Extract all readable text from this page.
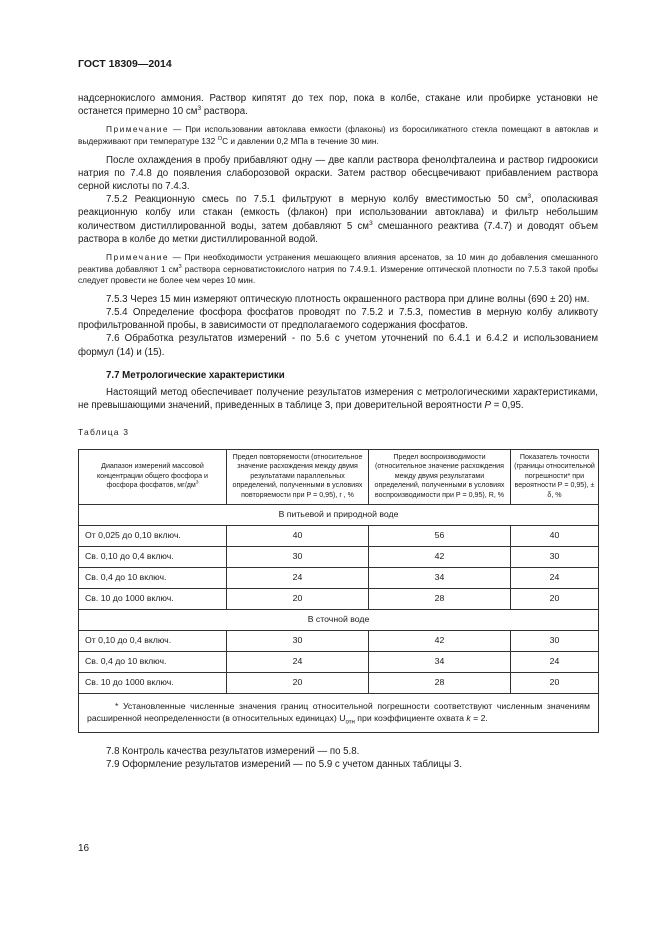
ГОСТ 18309—2014

надсернокислого аммония. Раствор кипятят до тех пор, пока в колбе, стакане или пробирке установки не останется примерно 10 $см^3$ раствора.

Примечание — При использовании автоклава емкости (флаконы) из боросиликатного стекла помещают в автоклав и выдерживают при температуре 132 $^О$С и давлении 0,2 МПа в течение 30 мин.

После охлаждения в пробу прибавляют одну — две капли раствора фенолфталеина и раствор гидроокиси натрия по 7.4.8 до появления слаборозовой окраски. Затем раствор обесцвечивают прибавлением раствора серной кислоты по 7.4.3.

7.5.2 Реакционную смесь по 7.5.1 фильтруют в мерную колбу вместимостью 50 $см^3$, ополаскивая реакционную колбу или стакан (емкость (флакон) при использовании автоклава) и фильтр небольшим количеством дистиллированной воды, затем добавляют 5 $см^3$ смешанного реактива (7.4.7) и доводят объем раствора в колбе до метки дистиллированной водой.

Примечание — При необходимости устранения мешающего влияния арсенатов, за 10 мин до добавления смешанного реактива добавляют 1 $см^3$ раствора серноватистокислого натрия по 7.4.9.1. Измерение оптической плотности по 7.5.3 такой пробы следует провести не более чем через 10 мин.

7.5.3 Через 15 мин измеряют оптическую плотность окрашенного раствора при длине волны (690 ± 20) нм.

7.5.4 Определение фосфора фосфатов проводят по 7.5.2 и 7.5.3, поместив в мерную колбу аликвоту профильтрованной пробы, в зависимости от предполагаемого содержания фосфатов.

7.6 Обработка результатов измерений - по 5.6 с учетом уточнений по 6.4.1 и 6.4.2 и использованием формул (14) и (15).

7.7 Метрологические характеристики

Настоящий метод обеспечивает получение результатов измерения с метрологическими характеристиками, не превышающими значений, приведенных в таблице 3, при доверительной вероятности P = 0,95.

Таблица 3
Диапазон измерений массовой концентрации общего фосфора и фосфора фосфатов, $мг/дм^3$	Предел повторяемости (относительное значение расхождения между двумя результатами параллельных определений, полученными в условиях повторяемости при P = 0,95), r , %	Предел воспроизводимости (относительное значение расхождения между двумя результатами определений, полученными в условиях воспроизводимости при P = 0,95), R, %	Показатель точности (границы относительной погрешности* при вероятности P = 0,95), ± δ, %
В питьевой и природной воде			
От 0,025 до 0,10 включ.	40	56	40
Св. 0,10 до 0,4 включ.	30	42	30
Св. 0,4 до 10 включ.	24	34	24
Св. 10 до 1000 включ.	20	28	20
В сточной воде			
От 0,10 до 0,4 включ.	30	42	30
Св. 0,4 до 10 включ.	24	34	24
Св. 10 до 1000 включ.	20	28	20
* Установленные численные значения границ относительной погрешности соответствуют численным значениям расширенной неопределенности (в относительных единицах) $U_{отн}$ при коэффициенте охвата k = 2.			

7.8 Контроль качества результатов измерений — по 5.8.

7.9 Оформление результатов измерений — по 5.9 с учетом данных таблицы 3.

16
